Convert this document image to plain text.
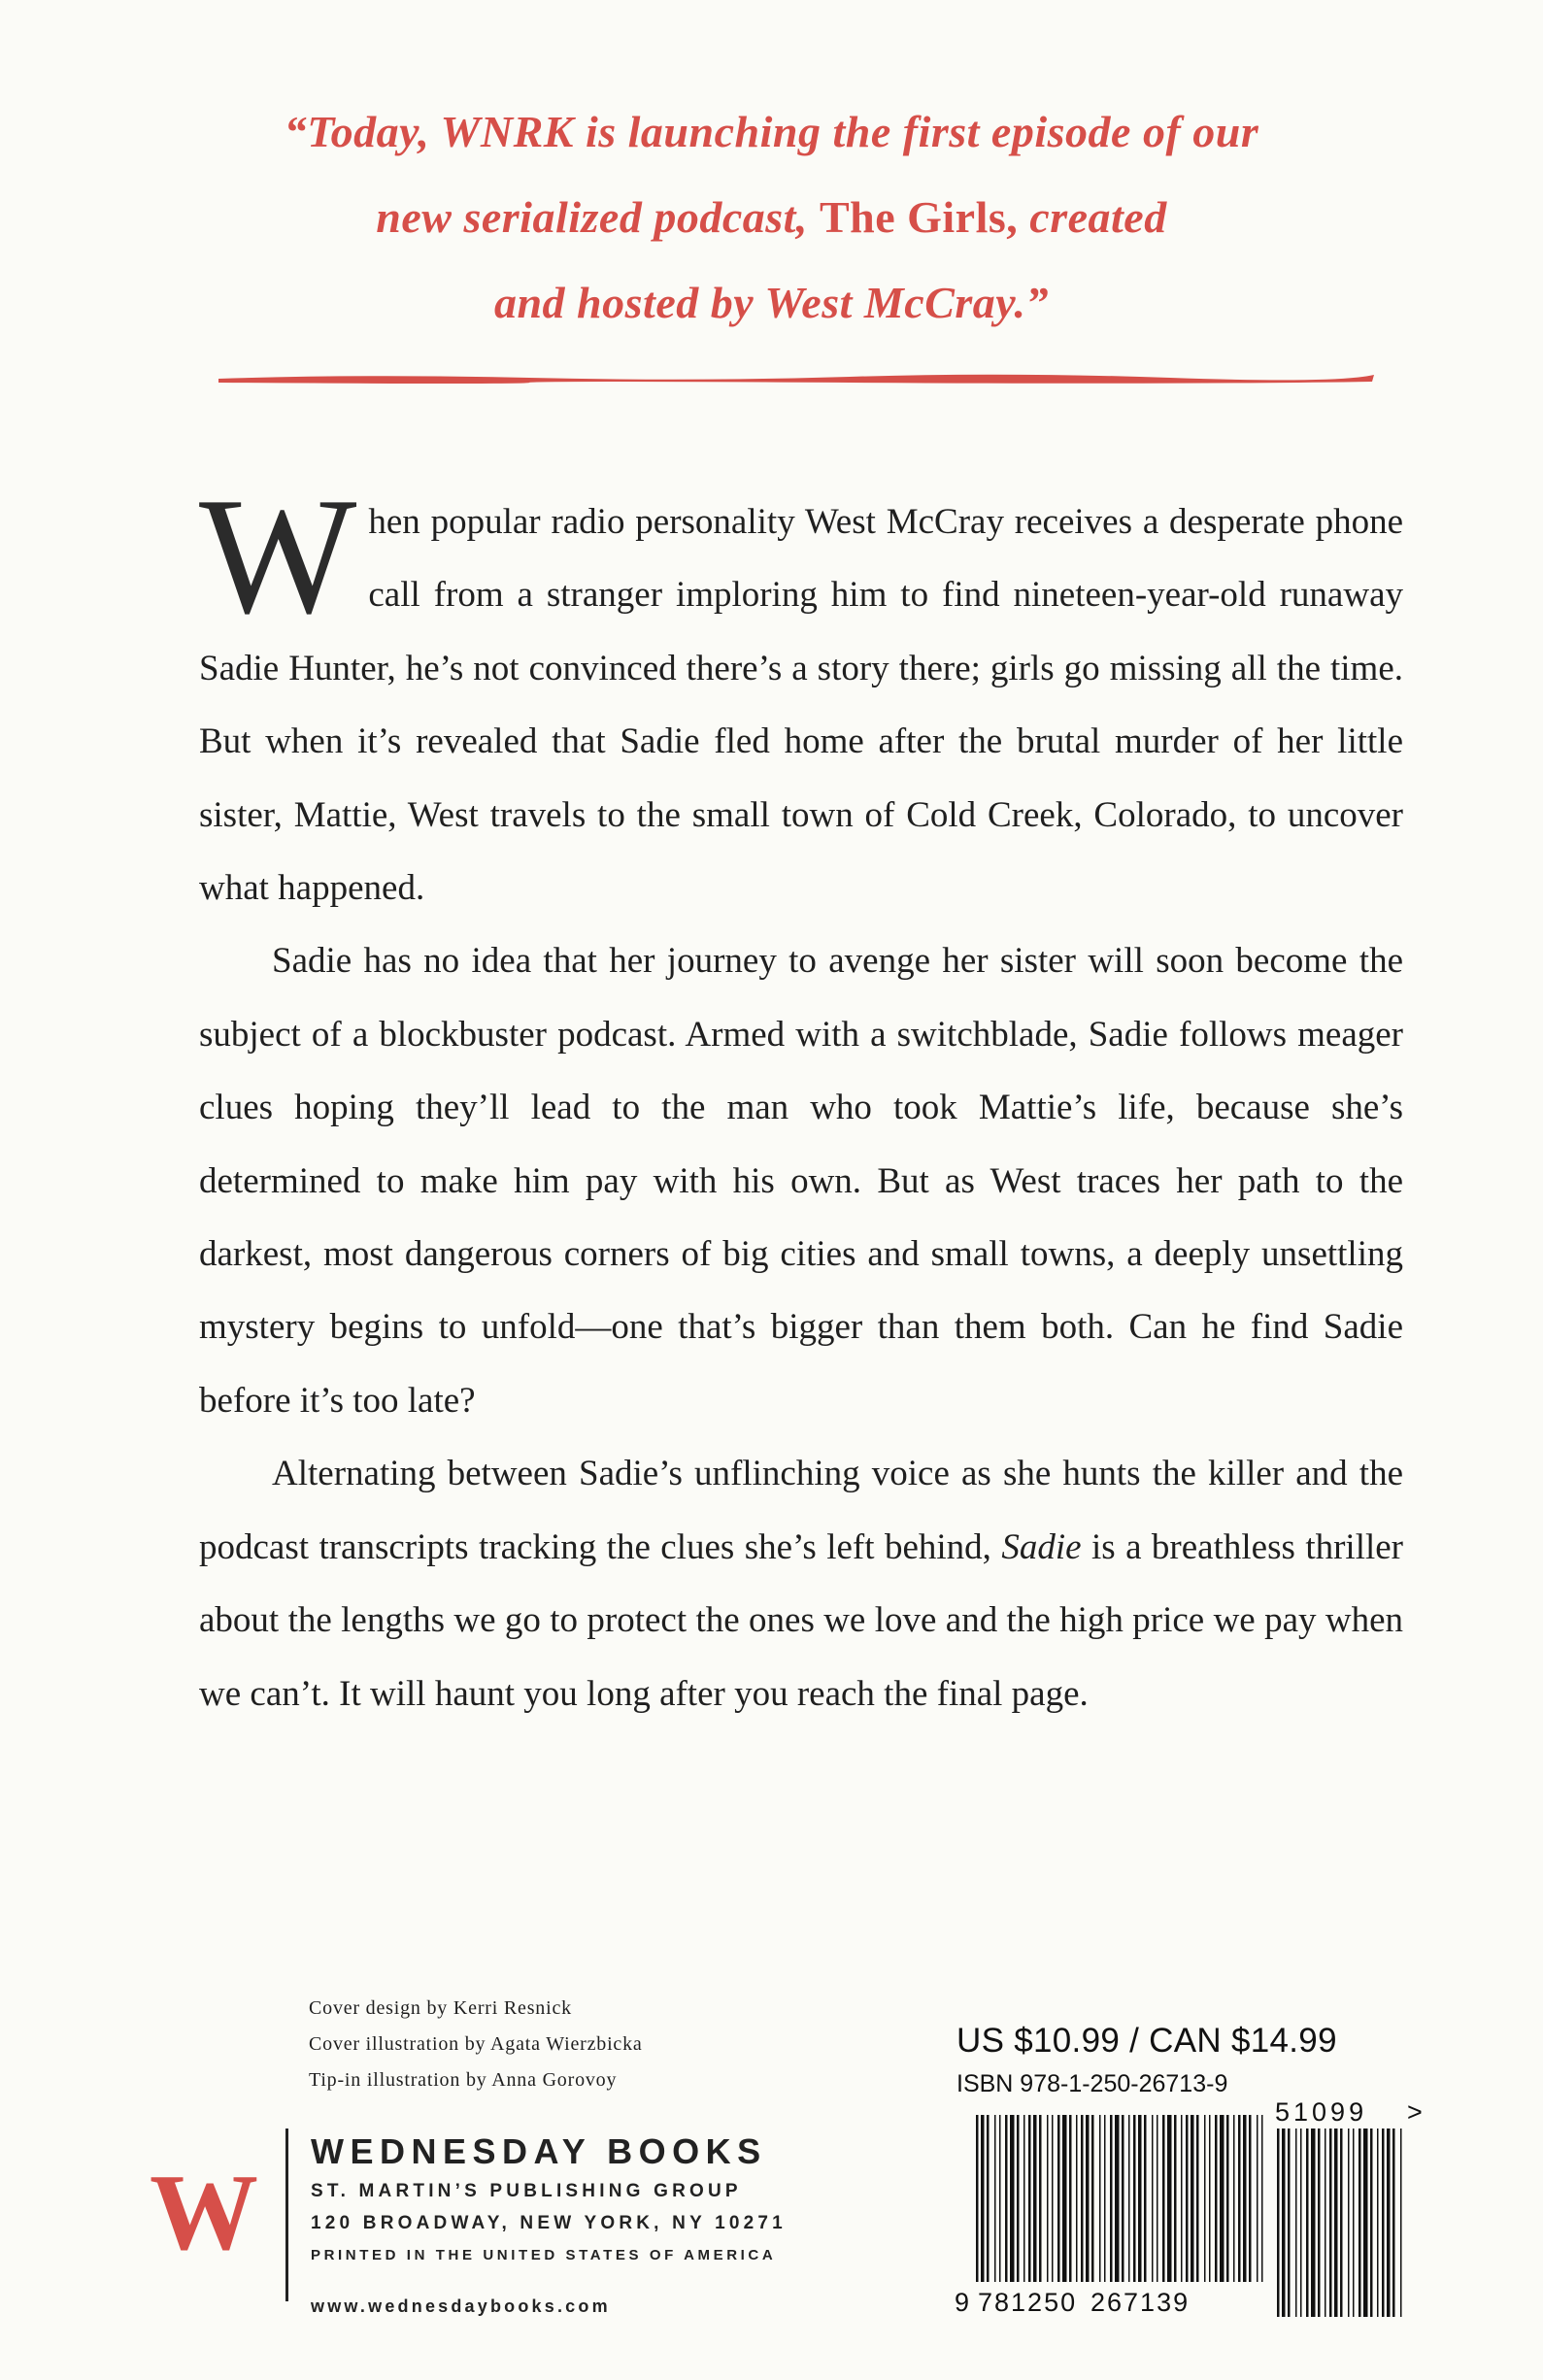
“Today, WNRK is launching the first episode of our
new serialized podcast, The Girls, created
and hosted by West McCray.”

When popular radio personality West McCray receives a desperate phone call from a stranger imploring him to find nineteen-year-old runaway Sadie Hunter, he’s not convinced there’s a story there; girls go missing all the time. But when it’s revealed that Sadie fled home after the brutal murder of her little sister, Mattie, West travels to the small town of Cold Creek, Colorado, to uncover what happened.

Sadie has no idea that her journey to avenge her sister will soon become the subject of a blockbuster podcast. Armed with a switchblade, Sadie follows meager clues hoping they’ll lead to the man who took Mattie’s life, because she’s determined to make him pay with his own. But as West traces her path to the darkest, most dangerous corners of big cities and small towns, a deeply unsettling mystery begins to unfold—one that’s bigger than them both. Can he find Sadie before it’s too late?

Alternating between Sadie’s unflinching voice as she hunts the killer and the podcast transcripts tracking the clues she’s left behind, Sadie is a breathless thriller about the lengths we go to protect the ones we love and the high price we pay when we can’t. It will haunt you long after you reach the final page.

Cover design by Kerri Resnick
Cover illustration by Agata Wierzbicka
Tip-in illustration by Anna Gorovoy
W
WEDNESDAY BOOKS
ST. MARTIN’S PUBLISHING GROUP
120 BROADWAY, NEW YORK, NY 10271
PRINTED IN THE UNITED STATES OF AMERICA
www.wednesdaybooks.com
US $10.99 / CAN $14.99
ISBN 978-1-250-26713-9
9 781250 267139
51099 >
